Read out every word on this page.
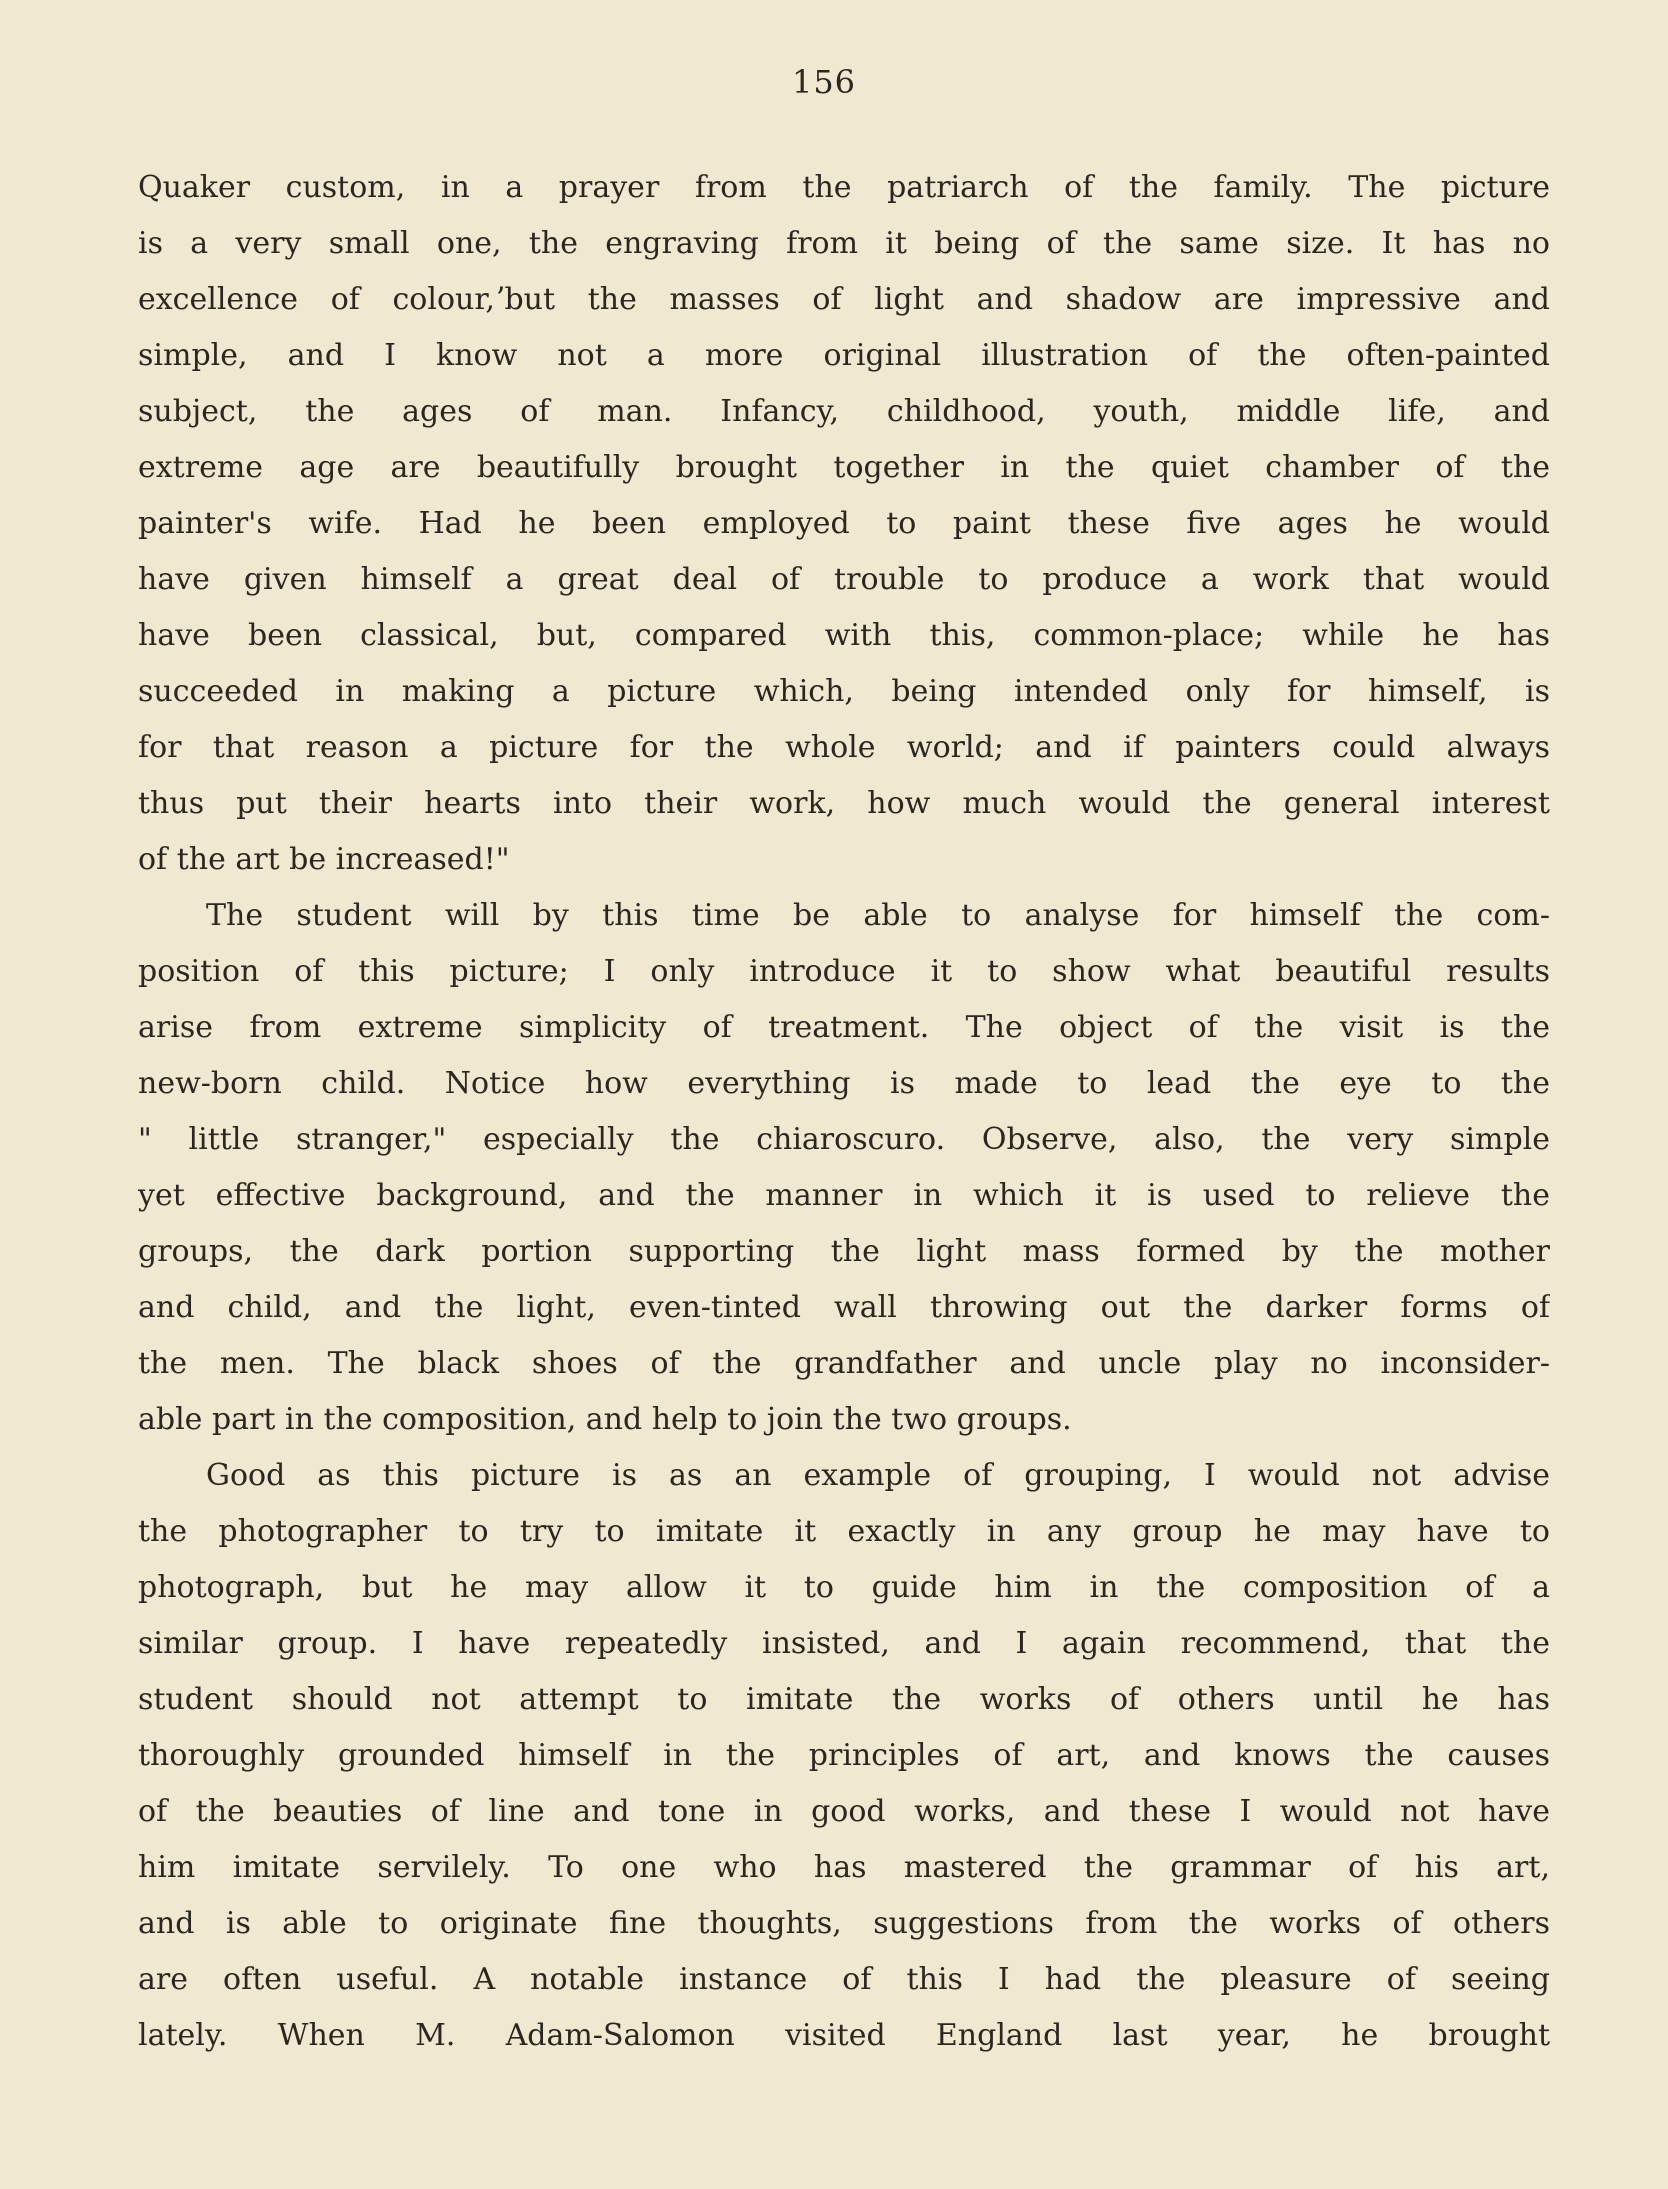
156
Quaker custom, in a prayer from the patriarch of the family. The picture
is a very small one, the engraving from it being of the same size. It has no
excellence of colour,ʼbut the masses of light and shadow are impressive and
simple, and I know not a more original illustration of the often-painted
subject, the ages of man. Infancy, childhood, youth, middle life, and
extreme age are beautifully brought together in the quiet chamber of the
painter's wife. Had he been employed to paint these five ages he would
have given himself a great deal of trouble to produce a work that would
have been classical, but, compared with this, common-place; while he has
succeeded in making a picture which, being intended only for himself, is
for that reason a picture for the whole world; and if painters could always
thus put their hearts into their work, how much would the general interest
of the art be increased!"
The student will by this time be able to analyse for himself the com-
position of this picture; I only introduce it to show what beautiful results
arise from extreme simplicity of treatment. The object of the visit is the
new-born child. Notice how everything is made to lead the eye to the
" little stranger," especially the chiaroscuro. Observe, also, the very simple
yet effective background, and the manner in which it is used to relieve the
groups, the dark portion supporting the light mass formed by the mother
and child, and the light, even-tinted wall throwing out the darker forms of
the men. The black shoes of the grandfather and uncle play no inconsider-
able part in the composition, and help to join the two groups.
Good as this picture is as an example of grouping, I would not advise
the photographer to try to imitate it exactly in any group he may have to
photograph, but he may allow it to guide him in the composition of a
similar group. I have repeatedly insisted, and I again recommend, that the
student should not attempt to imitate the works of others until he has
thoroughly grounded himself in the principles of art, and knows the causes
of the beauties of line and tone in good works, and these I would not have
him imitate servilely. To one who has mastered the grammar of his art,
and is able to originate fine thoughts, suggestions from the works of others
are often useful. A notable instance of this I had the pleasure of seeing
lately. When M. Adam-Salomon visited England last year, he brought
